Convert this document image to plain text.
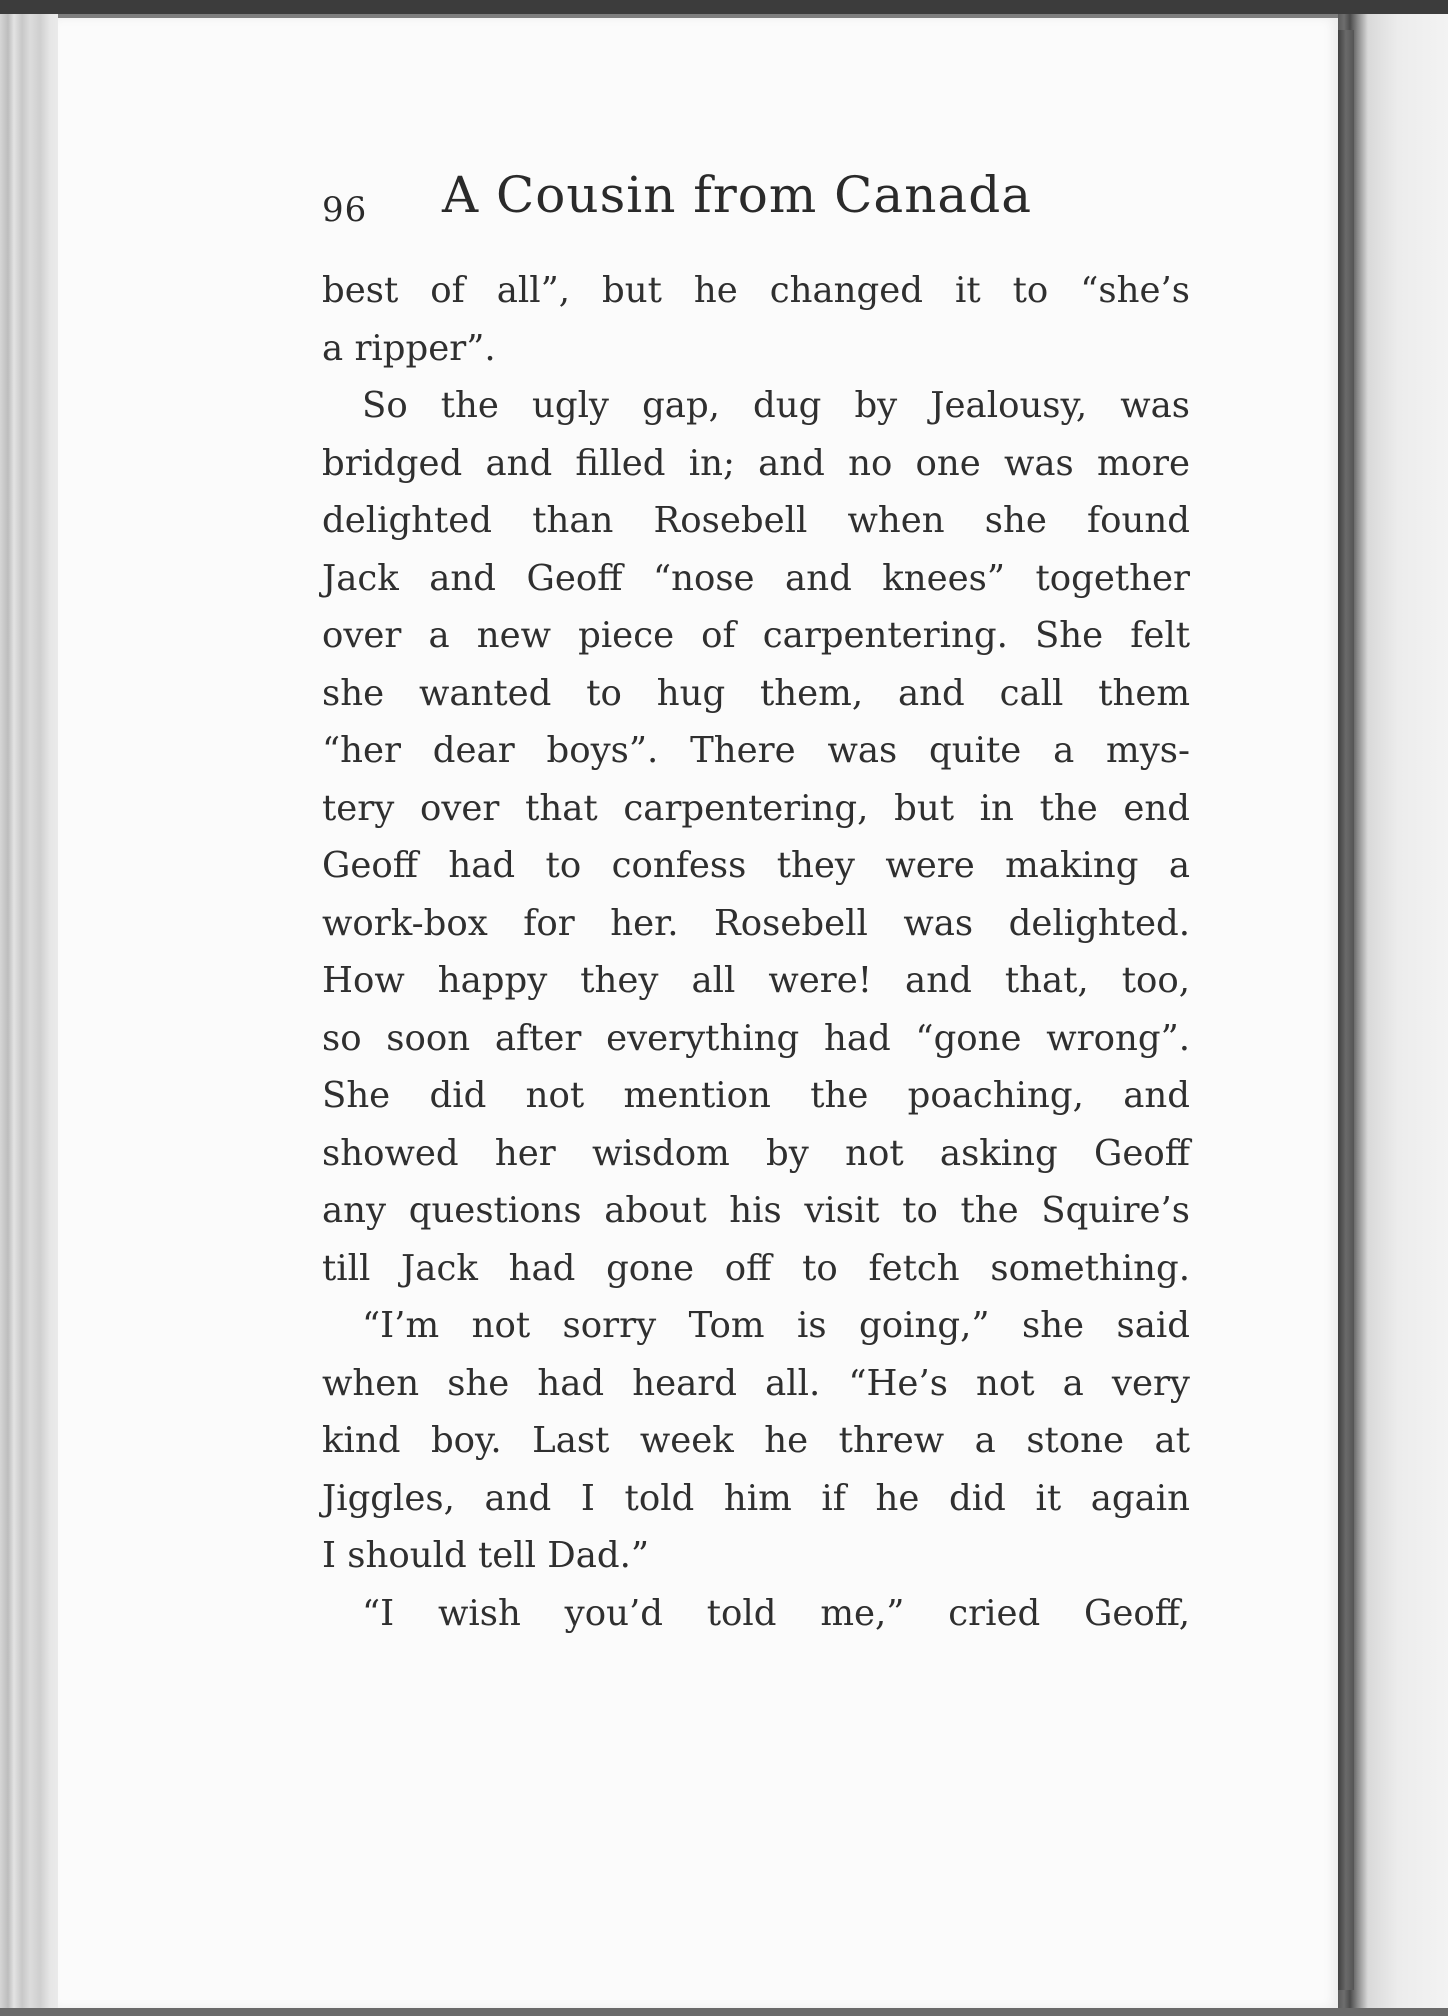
96 A Cousin from Canada
best of all”, but he changed it to “she’s
a ripper”.
So the ugly gap, dug by Jealousy, was
bridged and filled in; and no one was more
delighted than Rosebell when she found
Jack and Geoff “nose and knees” together
over a new piece of carpentering. She felt
she wanted to hug them, and call them
“her dear boys”. There was quite a mys-
tery over that carpentering, but in the end
Geoff had to confess they were making a
work-box for her. Rosebell was delighted.
How happy they all were! and that, too,
so soon after everything had “gone wrong”.
She did not mention the poaching, and
showed her wisdom by not asking Geoff
any questions about his visit to the Squire’s
till Jack had gone off to fetch something.
“I’m not sorry Tom is going,” she said
when she had heard all. “He’s not a very
kind boy. Last week he threw a stone at
Jiggles, and I told him if he did it again
I should tell Dad.”
“I wish you’d told me,” cried Geoff,
